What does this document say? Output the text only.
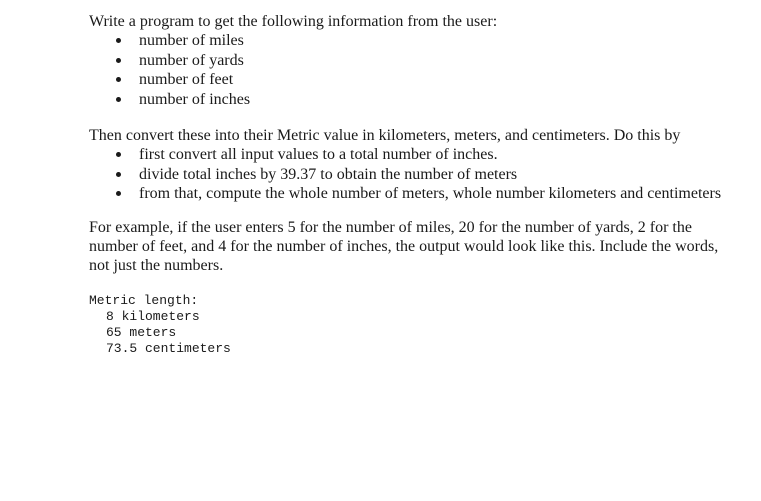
Write a program to get the following information from the user:

number of miles
number of yards
number of feet
number of inches

Then convert these into their Metric value in kilometers, meters, and centimeters. Do this by

first convert all input values to a total number of inches.
divide total inches by 39.37 to obtain the number of meters
from that, compute the whole number of meters, whole number kilometers and centimeters

For example, if the user enters 5 for the number of miles, 20 for the number of yards, 2 for the number of feet, and 4 for the number of inches, the output would look like this. Include the words, not just the numbers.

Metric length:
8 kilometers
65 meters
73.5 centimeters
